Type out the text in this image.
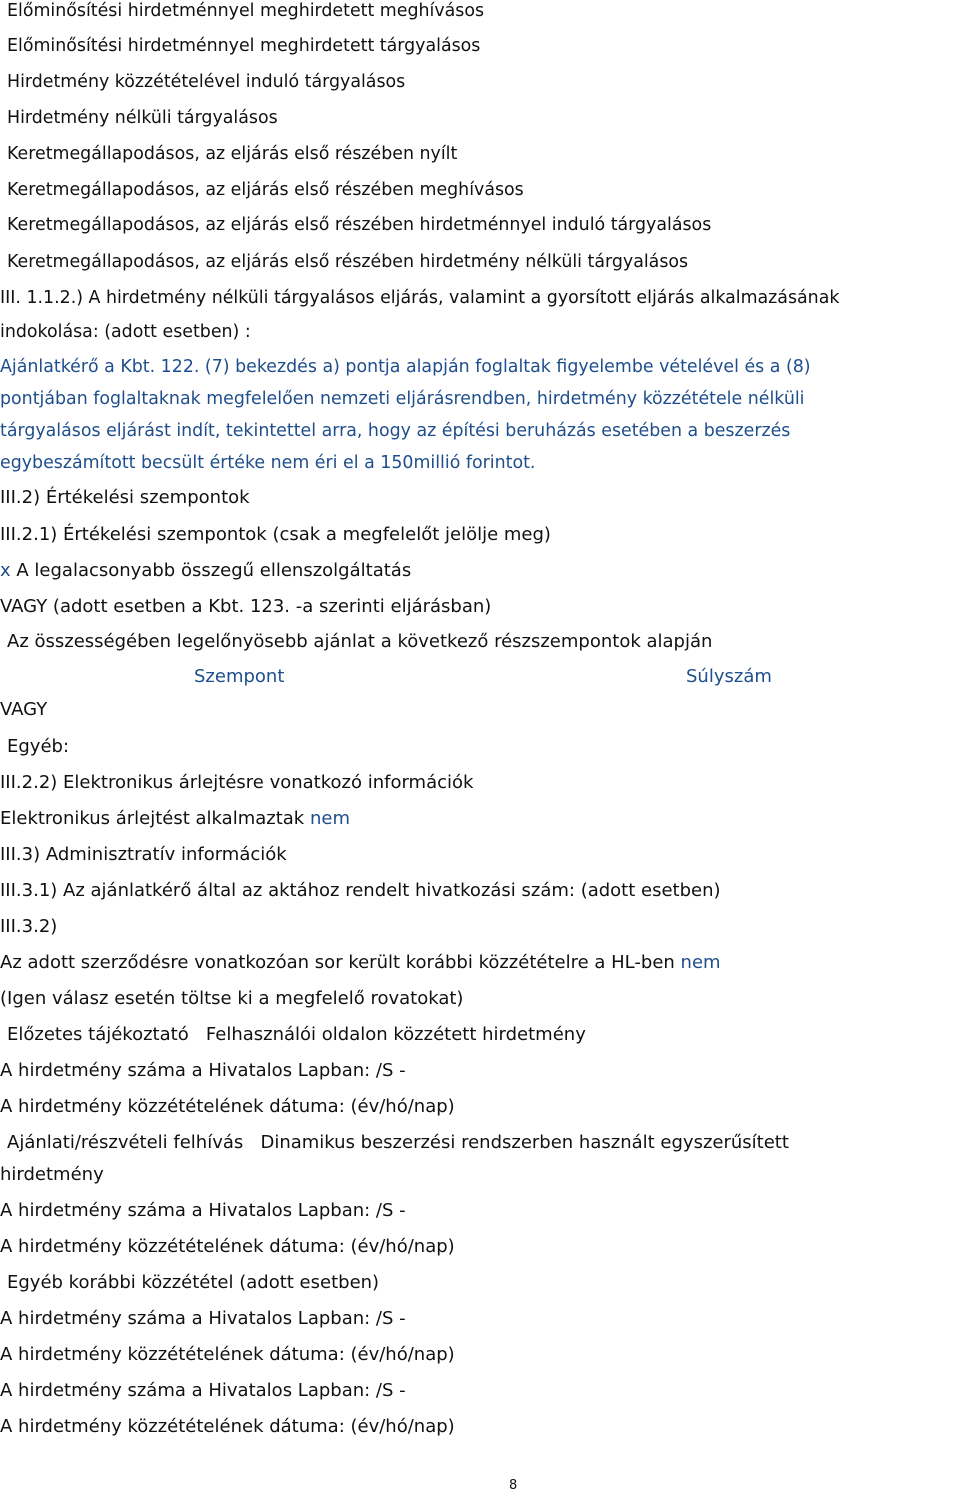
Előminősítési hirdetménnyel meghirdetett meghívásos
Előminősítési hirdetménnyel meghirdetett tárgyalásos
Hirdetmény közzétételével induló tárgyalásos
Hirdetmény nélküli tárgyalásos
Keretmegállapodásos, az eljárás első részében nyílt
Keretmegállapodásos, az eljárás első részében meghívásos
Keretmegállapodásos, az eljárás első részében hirdetménnyel induló tárgyalásos
Keretmegállapodásos, az eljárás első részében hirdetmény nélküli tárgyalásos
III. 1.1.2.) A hirdetmény nélküli tárgyalásos eljárás, valamint a gyorsított eljárás alkalmazásának
indokolása: (adott esetben) :
Ajánlatkérő a Kbt. 122. (7) bekezdés a) pontja alapján foglaltak figyelembe vételével és a (8)
pontjában foglaltaknak megfelelően nemzeti eljárásrendben, hirdetmény közzététele nélküli
tárgyalásos eljárást indít, tekintettel arra, hogy az építési beruházás esetében a beszerzés
egybeszámított becsült értéke nem éri el a 150millió forintot.
III.2) Értékelési szempontok
III.2.1) Értékelési szempontok (csak a megfelelőt jelölje meg)
x A legalacsonyabb összegű ellenszolgáltatás
VAGY (adott esetben a Kbt. 123. -a szerinti eljárásban)
Az összességében legelőnyösebb ajánlat a következő részszempontok alapján
Szempont	Súlyszám
VAGY
Egyéb:
III.2.2) Elektronikus árlejtésre vonatkozó információk
Elektronikus árlejtést alkalmaztak nem
III.3) Adminisztratív információk
III.3.1) Az ajánlatkérő által az aktához rendelt hivatkozási szám: (adott esetben)
III.3.2)
Az adott szerződésre vonatkozóan sor került korábbi közzétételre a HL-ben nem
(Igen válasz esetén töltse ki a megfelelő rovatokat)
Előzetes tájékoztató Felhasználói oldalon közzétett hirdetmény
A hirdetmény száma a Hivatalos Lapban: /S -
A hirdetmény közzétételének dátuma: (év/hó/nap)
Ajánlati/részvételi felhívás Dinamikus beszerzési rendszerben használt egyszerűsített
hirdetmény
A hirdetmény száma a Hivatalos Lapban: /S -
A hirdetmény közzétételének dátuma: (év/hó/nap)
Egyéb korábbi közzététel (adott esetben)
A hirdetmény száma a Hivatalos Lapban: /S -
A hirdetmény közzétételének dátuma: (év/hó/nap)
A hirdetmény száma a Hivatalos Lapban: /S -
A hirdetmény közzétételének dátuma: (év/hó/nap)
8
